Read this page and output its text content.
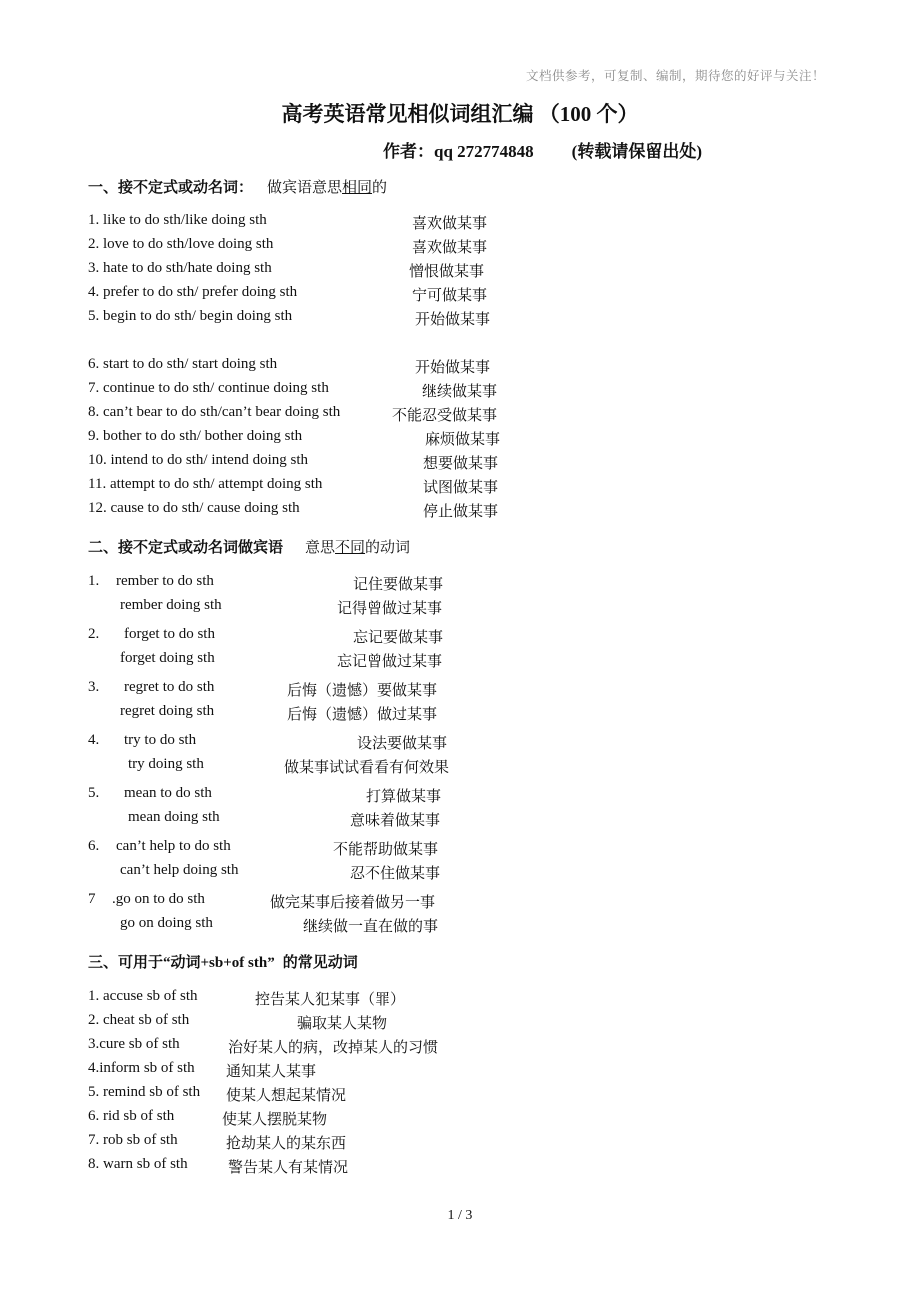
文档供参考，可复制、编制，期待您的好评与关注！
高考英语常见相似词组汇编 （100 个）
作者：qq 272774848 (转载请保留出处)
一、接不定式或动名词： 做宾语意思相同的
1. like to do sth/like doing sth	喜欢做某事
2. love to do sth/love doing sth	喜欢做某事
3. hate to do sth/hate doing sth	憎恨做某事
4. prefer to do sth/ prefer doing sth	宁可做某事
5. begin to do sth/ begin doing sth	开始做某事
6. start to do sth/ start doing sth	开始做某事
7. continue to do sth/ continue doing sth	继续做某事
8. can’t bear to do sth/can’t bear doing sth	不能忍受做某事
9. bother to do sth/ bother doing sth	麻烦做某事
10. intend to do sth/ intend doing sth	想要做某事
11. attempt to do sth/ attempt doing sth	试图做某事
12. cause to do sth/ cause doing sth	停止做某事
二、接不定式或动名词做宾语 意思不同的动词
1. rember to do sth	记住要做某事
rember doing sth	记得曾做过某事
2. forget to do sth	忘记要做某事
forget doing sth	忘记曾做过某事
3. regret to do sth	后悔（遗憾）要做某事
regret doing sth	后悔（遗憾）做过某事
4. try to do sth	设法要做某事
try doing sth	做某事试试看看有何效果
5. mean to do sth	打算做某事
mean doing sth	意味着做某事
6. can’t help to do sth	不能帮助做某事
can’t help doing sth	忍不住做某事
7 .go on to do sth	做完某事后接着做另一事
go on doing sth	继续做一直在做的事
三、可用于“动词+sb+of sth” 的常见动词
1. accuse sb of sth	控告某人犯某事（罪）
2. cheat sb of sth	骗取某人某物
3.cure sb of sth	治好某人的病，改掉某人的习惯
4.inform sb of sth 通知某人某事
5. remind sb of sth 使某人想起某情况
6. rid sb of sth	使某人摆脱某物
7. rob sb of sth	抢劫某人的某东西
8. warn sb of sth	警告某人有某情况
1 / 3
